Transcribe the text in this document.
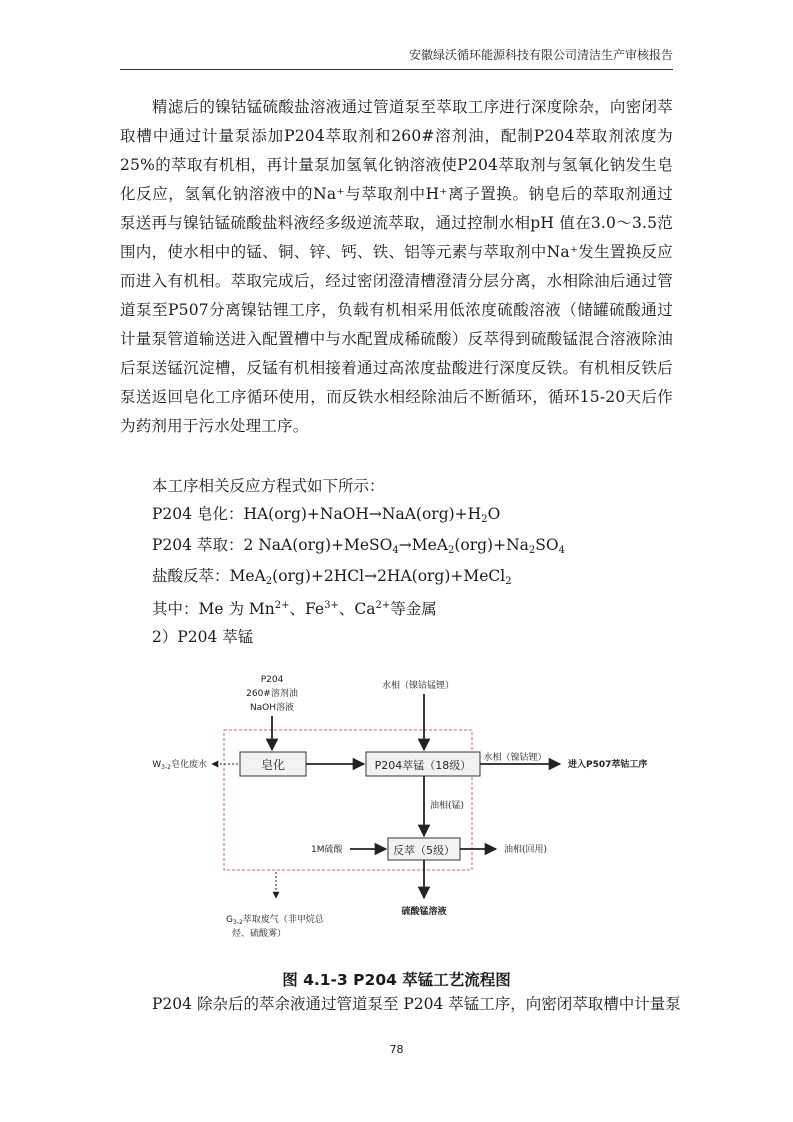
安徽绿沃循环能源科技有限公司清洁生产审核报告
精滤后的镍钴锰硫酸盐溶液通过管道泵至萃取工序进行深度除杂，向密闭萃取槽中通过计量泵添加P204萃取剂和260#溶剂油，配制P204萃取剂浓度为25%的萃取有机相，再计量泵加氢氧化钠溶液使P204萃取剂与氢氧化钠发生皂化反应，氢氧化钠溶液中的Na⁺与萃取剂中H⁺离子置换。钠皂后的萃取剂通过泵送再与镍钴锰硫酸盐料液经多级逆流萃取，通过控制水相pH 值在3.0～3.5范围内，使水相中的锰、铜、锌、钙、铁、铝等元素与萃取剂中Na⁺发生置换反应而进入有机相。萃取完成后，经过密闭澄清槽澄清分层分离，水相除油后通过管道泵至P507分离镍钴锂工序，负载有机相采用低浓度硫酸溶液（储罐硫酸通过计量泵管道输送进入配置槽中与水配置成稀硫酸）反萃得到硫酸锰混合溶液除油后泵送锰沉淀槽，反锰有机相接着通过高浓度盐酸进行深度反铁。有机相反铁后泵送返回皂化工序循环使用，而反铁水相经除油后不断循环，循环15-20天后作为药剂用于污水处理工序。
本工序相关反应方程式如下所示：
P204 皂化：$HA(org)+NaOH\to NaA(org)+H_2O$
P204 萃取：2 $NaA(org)+MeSO_4\to MeA_2(org)+Na_2SO_4$
盐酸反萃：MeA$_2$(org)+2HCl→2HA(org)+MeCl$_2$
其中：Me 为 $Mn^{2+}$、$Fe^{3+}$、$Ca^{2+}$等金属
2）P204 萃锰
P204
260#溶剂油
NaOH溶液
水相（镍钴锰锂）
皂化	P204萃锰（18级）
$W_{3-2}$皂化废水
水相（镍钴锂）
进入P507萃钴工序
油相(锰)
反萃（5级）
1M硫酸	油相(回用)
硫酸锰溶液
$G_{3-2}$萃取废气（非甲烷总
烃、硫酸雾）
图 4.1-3 P204 萃锰工艺流程图
P204 除杂后的萃余液通过管道泵至 P204 萃锰工序，向密闭萃取槽中计量泵
78
